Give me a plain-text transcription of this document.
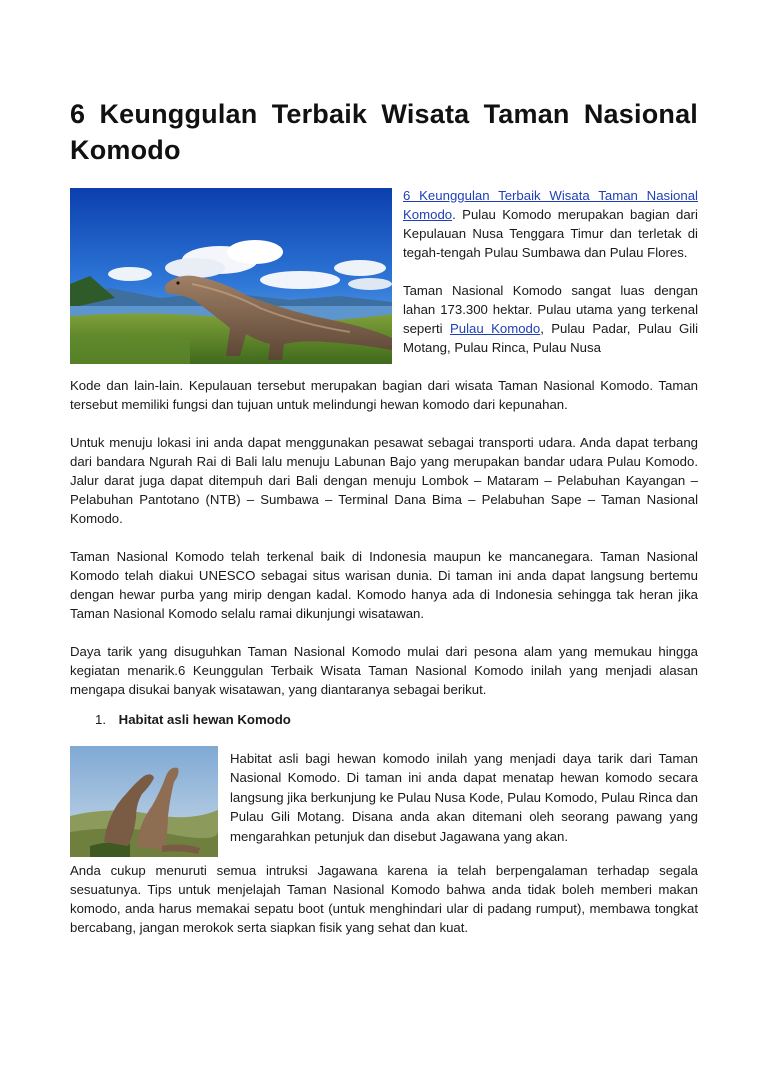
6 Keunggulan Terbaik Wisata Taman Nasional Komodo

6 Keunggulan Terbaik Wisata Taman Nasional Komodo. Pulau Komodo merupakan bagian dari Kepulauan Nusa Tenggara Timur dan terletak di tegah-tengah Pulau Sumbawa dan Pulau Flores.

Taman Nasional Komodo sangat luas dengan lahan 173.300 hektar. Pulau utama yang terkenal seperti Pulau Komodo, Pulau Padar, Pulau Gili Motang, Pulau Rinca, Pulau Nusa

Kode dan lain-lain. Kepulauan tersebut merupakan bagian dari wisata Taman Nasional Komodo. Taman tersebut memiliki fungsi dan tujuan untuk melindungi hewan komodo dari kepunahan.

Untuk menuju lokasi ini anda dapat menggunakan pesawat sebagai transporti udara. Anda dapat terbang dari bandara Ngurah Rai di Bali lalu menuju Labunan Bajo yang merupakan bandar udara Pulau Komodo. Jalur darat juga dapat ditempuh dari Bali dengan menuju Lombok – Mataram – Pelabuhan Kayangan – Pelabuhan Pantotano (NTB) – Sumbawa – Terminal Dana Bima – Pelabuhan Sape – Taman Nasional Komodo.

Taman Nasional Komodo telah terkenal baik di Indonesia maupun ke mancanegara. Taman Nasional Komodo telah diakui UNESCO sebagai situs warisan dunia. Di taman ini anda dapat langsung bertemu dengan hewar purba yang mirip dengan kadal. Komodo hanya ada di Indonesia sehingga tak heran jika Taman Nasional Komodo selalu ramai dikunjungi wisatawan.

Daya tarik yang disuguhkan Taman Nasional Komodo mulai dari pesona alam yang memukau hingga kegiatan menarik.6 Keunggulan Terbaik Wisata Taman Nasional Komodo inilah yang menjadi alasan mengapa disukai banyak wisatawan, yang diantaranya sebagai berikut.

1. Habitat asli hewan Komodo

Habitat asli bagi hewan komodo inilah yang menjadi daya tarik dari Taman Nasional Komodo. Di taman ini anda dapat menatap hewan komodo secara langsung jika berkunjung ke Pulau Nusa Kode, Pulau Komodo, Pulau Rinca dan Pulau Gili Motang. Disana anda akan ditemani oleh seorang pawang yang mengarahkan petunjuk dan disebut Jagawana yang akan.

Anda cukup menuruti semua intruksi Jagawana karena ia telah berpengalaman terhadap segala sesuatunya. Tips untuk menjelajah Taman Nasional Komodo bahwa anda tidak boleh memberi makan komodo, anda harus memakai sepatu boot (untuk menghindari ular di padang rumput), membawa tongkat bercabang, jangan merokok serta siapkan fisik yang sehat dan kuat.
